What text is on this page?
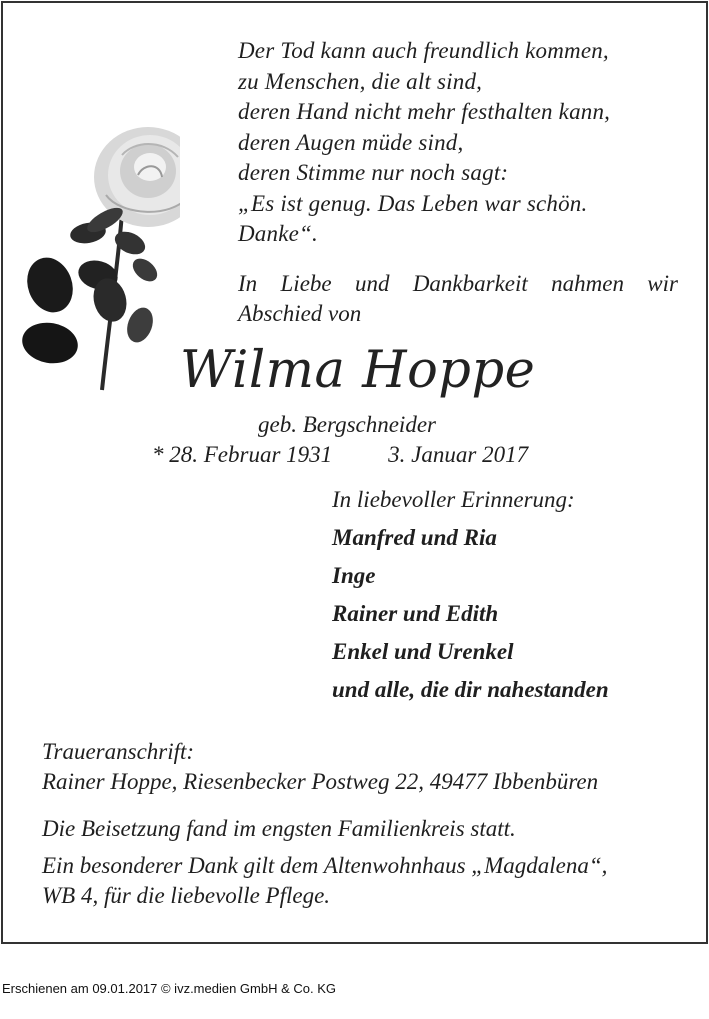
Der Tod kann auch freundlich kommen,
zu Menschen, die alt sind,
deren Hand nicht mehr festhalten kann,
deren Augen müde sind,
deren Stimme nur noch sagt:
„Es ist genug. Das Leben war schön.
Danke“.
In Liebe und Dankbarkeit nahmen wir
Abschied von
Wilma Hoppe
geb. Bergschneider
* 28. Februar 1931 3. Januar 2017
In liebevoller Erinnerung:
Manfred und Ria
Inge
Rainer und Edith
Enkel und Urenkel
und alle, die dir nahestanden
Traueranschrift:
Rainer Hoppe, Riesenbecker Postweg 22, 49477 Ibbenbüren
Die Beisetzung fand im engsten Familienkreis statt.
Ein besonderer Dank gilt dem Altenwohnhaus „Magdalena“,
WB 4, für die liebevolle Pflege.
Erschienen am 09.01.2017 © ivz.medien GmbH & Co. KG
